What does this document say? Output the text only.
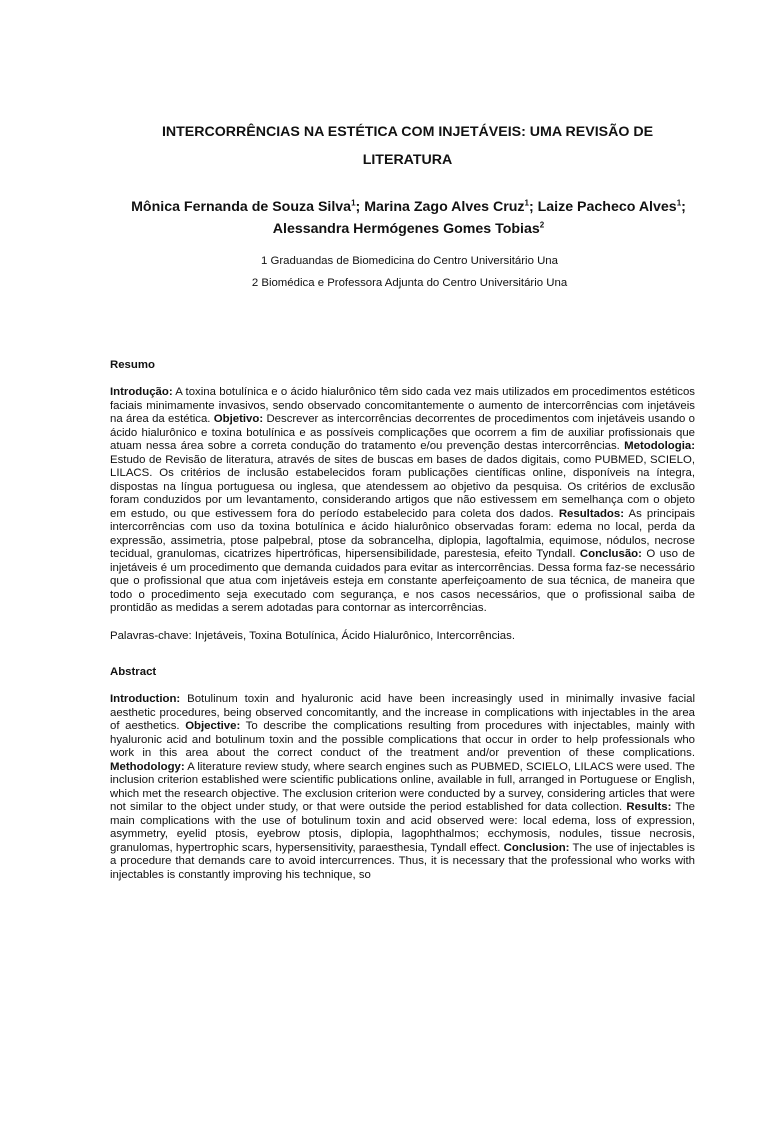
INTERCORRÊNCIAS NA ESTÉTICA COM INJETÁVEIS: UMA REVISÃO DE LITERATURA
Mônica Fernanda de Souza Silva$^1$; Marina Zago Alves Cruz$^1$; Laize Pacheco Alves$^1$; Alessandra Hermógenes Gomes Tobias$^2$
1 Graduandas de Biomedicina do Centro Universitário Una
2 Biomédica e Professora Adjunta do Centro Universitário Una
Resumo

Introdução: A toxina botulínica e o ácido hialurônico têm sido cada vez mais utilizados em procedimentos estéticos faciais minimamente invasivos, sendo observado concomitantemente o aumento de intercorrências com injetáveis na área da estética. Objetivo: Descrever as intercorrências decorrentes de procedimentos com injetáveis usando o ácido hialurônico e toxina botulínica e as possíveis complicações que ocorrem a fim de auxiliar profissionais que atuam nessa área sobre a correta condução do tratamento e/ou prevenção destas intercorrências. Metodologia: Estudo de Revisão de literatura, através de sites de buscas em bases de dados digitais, como PUBMED, SCIELO, LILACS. Os critérios de inclusão estabelecidos foram publicações científicas online, disponíveis na íntegra, dispostas na língua portuguesa ou inglesa, que atendessem ao objetivo da pesquisa. Os critérios de exclusão foram conduzidos por um levantamento, considerando artigos que não estivessem em semelhança com o objeto em estudo, ou que estivessem fora do período estabelecido para coleta dos dados. Resultados: As principais intercorrências com uso da toxina botulínica e ácido hialurônico observadas foram: edema no local, perda da expressão, assimetria, ptose palpebral, ptose da sobrancelha, diplopia, lagoftalmia, equimose, nódulos, necrose tecidual, granulomas, cicatrizes hipertróficas, hipersensibilidade, parestesia, efeito Tyndall. Conclusão: O uso de injetáveis é um procedimento que demanda cuidados para evitar as intercorrências. Dessa forma faz-se necessário que o profissional que atua com injetáveis esteja em constante aperfeiçoamento de sua técnica, de maneira que todo o procedimento seja executado com segurança, e nos casos necessários, que o profissional saiba de prontidão as medidas a serem adotadas para contornar as intercorrências.

Palavras-chave: Injetáveis, Toxina Botulínica, Ácido Hialurônico, Intercorrências.

Abstract

Introduction: Botulinum toxin and hyaluronic acid have been increasingly used in minimally invasive facial aesthetic procedures, being observed concomitantly, and the increase in complications with injectables in the area of aesthetics. Objective: To describe the complications resulting from procedures with injectables, mainly with hyaluronic acid and botulinum toxin and the possible complications that occur in order to help professionals who work in this area about the correct conduct of the treatment and/or prevention of these complications. Methodology: A literature review study, where search engines such as PUBMED, SCIELO, LILACS were used. The inclusion criterion established were scientific publications online, available in full, arranged in Portuguese or English, which met the research objective. The exclusion criterion were conducted by a survey, considering articles that were not similar to the object under study, or that were outside the period established for data collection. Results: The main complications with the use of botulinum toxin and acid observed were: local edema, loss of expression, asymmetry, eyelid ptosis, eyebrow ptosis, diplopia, lagophthalmos; ecchymosis, nodules, tissue necrosis, granulomas, hypertrophic scars, hypersensitivity, paraesthesia, Tyndall effect. Conclusion: The use of injectables is a procedure that demands care to avoid intercurrences. Thus, it is necessary that the professional who works with injectables is constantly improving his technique, so
